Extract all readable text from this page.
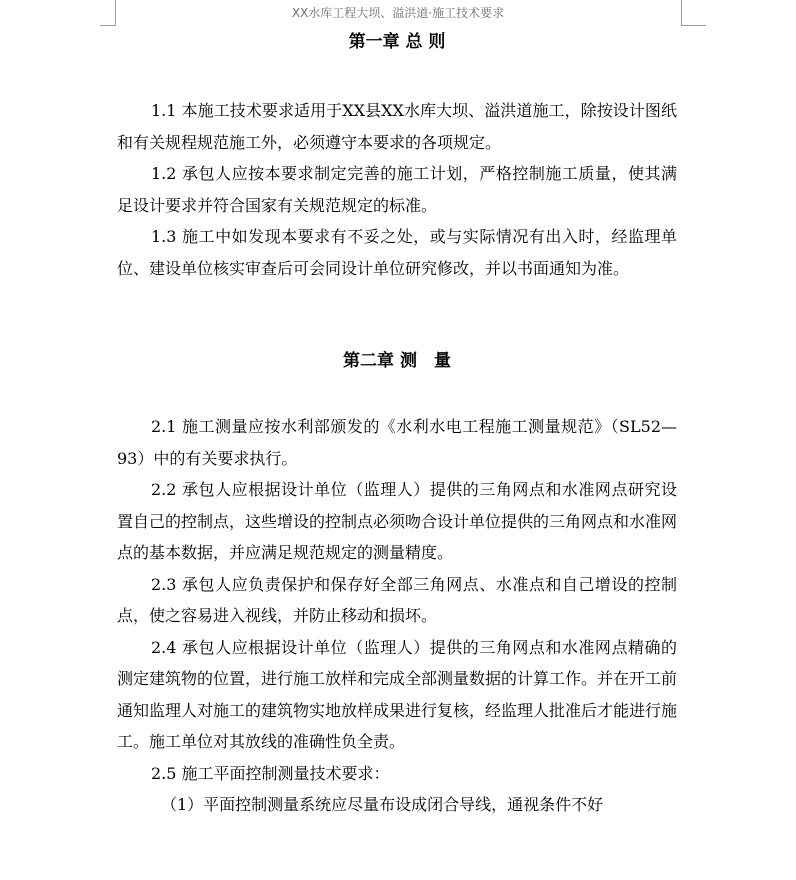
XX水库工程大坝、溢洪道·施工技术要求
第一章 总 则

1.1 本施工技术要求适用于XX县XX水库大坝、溢洪道施工，除按设计图纸和有关规程规范施工外，必须遵守本要求的各项规定。

1.2 承包人应按本要求制定完善的施工计划，严格控制施工质量，使其满足设计要求并符合国家有关规范规定的标准。

1.3 施工中如发现本要求有不妥之处，或与实际情况有出入时，经监理单位、建设单位核实审查后可会同设计单位研究修改，并以书面通知为准。

第二章 测　量

2.1 施工测量应按水利部颁发的《水利水电工程施工测量规范》（SL52—93）中的有关要求执行。

2.2 承包人应根据设计单位（监理人）提供的三角网点和水准网点研究设置自己的控制点，这些增设的控制点必须吻合设计单位提供的三角网点和水准网点的基本数据，并应满足规范规定的测量精度。

2.3 承包人应负责保护和保存好全部三角网点、水准点和自己增设的控制点，使之容易进入视线，并防止移动和损坏。

2.4 承包人应根据设计单位（监理人）提供的三角网点和水准网点精确的测定建筑物的位置，进行施工放样和完成全部测量数据的计算工作。并在开工前通知监理人对施工的建筑物实地放样成果进行复核，经监理人批准后才能进行施工。施工单位对其放线的准确性负全责。

2.5 施工平面控制测量技术要求：

（1）平面控制测量系统应尽量布设成闭合导线，通视条件不好
